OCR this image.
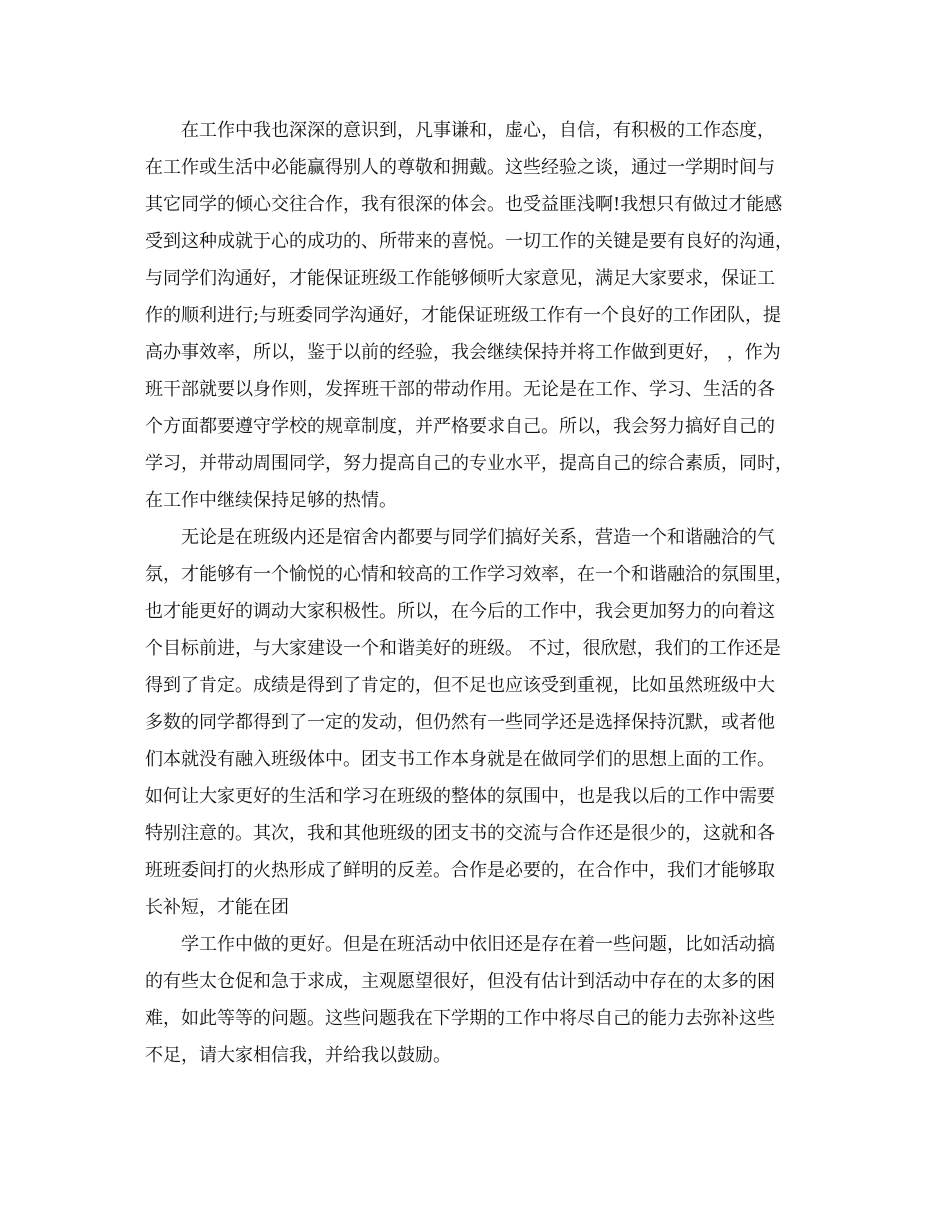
在工作中我也深深的意识到，凡事谦和，虚心，自信，有积极的工作态度，
在工作或生活中必能赢得别人的尊敬和拥戴。这些经验之谈，通过一学期时间与
其它同学的倾心交往合作，我有很深的体会。也受益匪浅啊!我想只有做过才能感
受到这种成就于心的成功的、所带来的喜悦。一切工作的关键是要有良好的沟通，
与同学们沟通好，才能保证班级工作能够倾听大家意见，满足大家要求，保证工
作的顺利进行;与班委同学沟通好，才能保证班级工作有一个良好的工作团队，提
高办事效率，所以，鉴于以前的经验，我会继续保持并将工作做到更好， ，作为
班干部就要以身作则，发挥班干部的带动作用。无论是在工作、学习、生活的各
个方面都要遵守学校的规章制度，并严格要求自己。所以，我会努力搞好自己的
学习，并带动周围同学，努力提高自己的专业水平，提高自己的综合素质，同时，
在工作中继续保持足够的热情。

无论是在班级内还是宿舍内都要与同学们搞好关系，营造一个和谐融洽的气
氛，才能够有一个愉悦的心情和较高的工作学习效率，在一个和谐融洽的氛围里，
也才能更好的调动大家积极性。所以，在今后的工作中，我会更加努力的向着这
个目标前进，与大家建设一个和谐美好的班级。 不过，很欣慰，我们的工作还是
得到了肯定。成绩是得到了肯定的，但不足也应该受到重视，比如虽然班级中大
多数的同学都得到了一定的发动，但仍然有一些同学还是选择保持沉默，或者他
们本就没有融入班级体中。团支书工作本身就是在做同学们的思想上面的工作。
如何让大家更好的生活和学习在班级的整体的氛围中，也是我以后的工作中需要
特别注意的。其次，我和其他班级的团支书的交流与合作还是很少的，这就和各
班班委间打的火热形成了鲜明的反差。合作是必要的，在合作中，我们才能够取
长补短，才能在团

学工作中做的更好。但是在班活动中依旧还是存在着一些问题，比如活动搞
的有些太仓促和急于求成，主观愿望很好，但没有估计到活动中存在的太多的困
难，如此等等的问题。这些问题我在下学期的工作中将尽自己的能力去弥补这些
不足，请大家相信我，并给我以鼓励。
